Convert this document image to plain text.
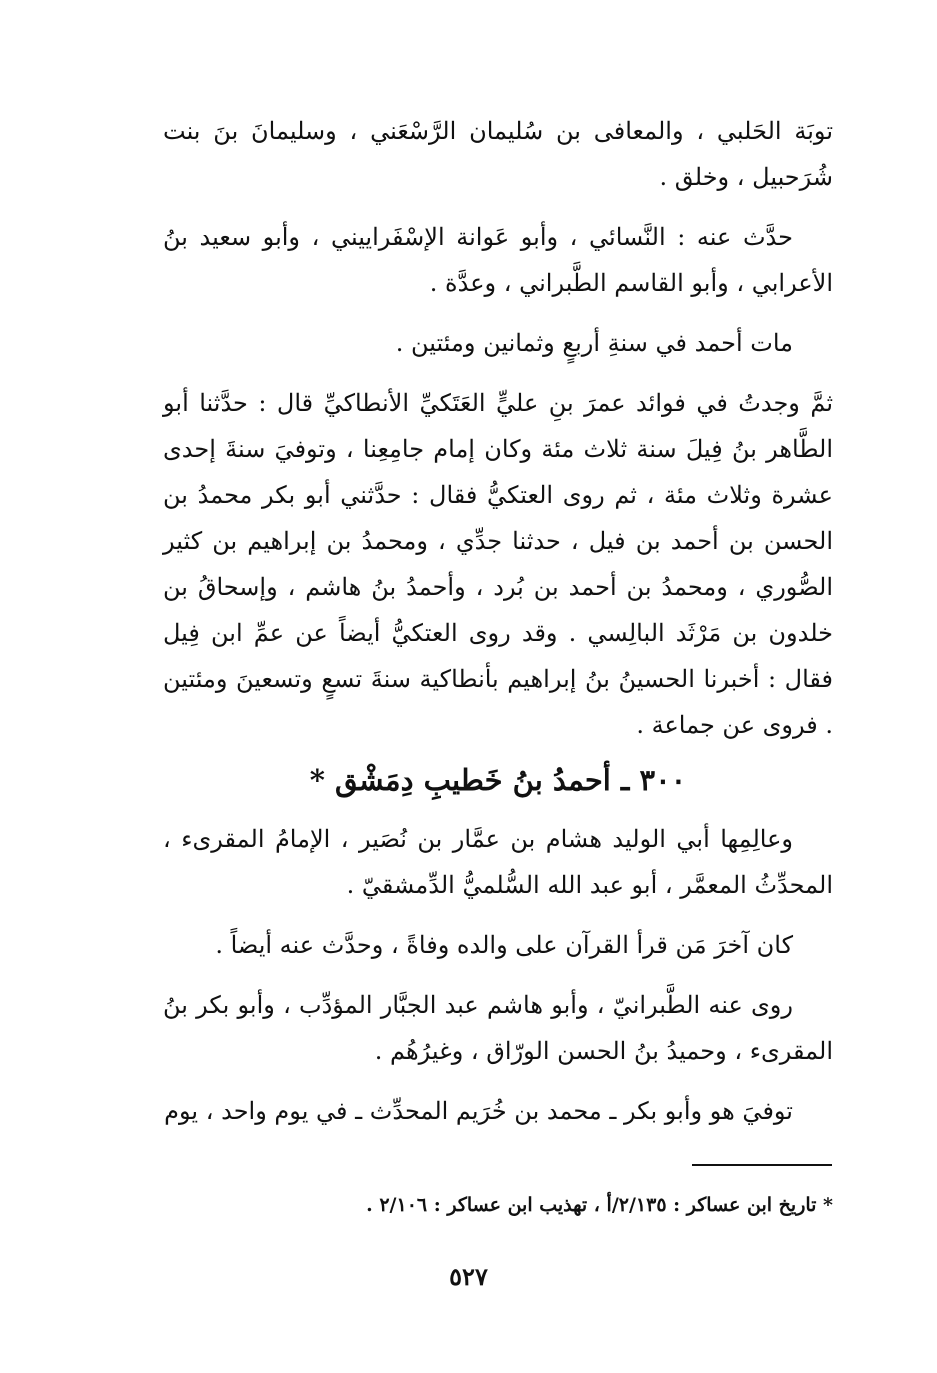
توبَة الحَلبي ، والمعافى بن سُليمان الرَّسْعَني ، وسليمانَ بنَ بنت شُرَحبيل ، وخلق .

حدَّث عنه : النَّسائي ، وأبو عَوانة الإسْفَراييني ، وأبو سعيد بنُ الأعرابي ، وأبو القاسم الطَّبراني ، وعدَّة .

مات أحمد في سنةِ أربعٍ وثمانين ومئتين .

ثمَّ وجدتُ في فوائد عمرَ بنِ عليٍّ العَتَكيِّ الأنطاكيِّ قال : حدَّثنا أبو الطَّاهر بنُ فِيلَ سنة ثلاث مئة وكان إمام جامِعِنا ، وتوفيَ سنةَ إحدى عشرة وثلاث مئة ، ثم روى العتكيُّ فقال : حدَّثني أبو بكر محمدُ بن الحسن بن أحمد بن فيل ، حدثنا جدِّي ، ومحمدُ بن إبراهيم بن كثير الصُّوري ، ومحمدُ بن أحمد بن بُرد ، وأحمدُ بنُ هاشم ، وإسحاقُ بن خلدون بن مَرْثَد البالِسي . وقد روى العتكيُّ أيضاً عن عمِّ ابن فِيل فقال : أخبرنا الحسينُ بنُ إبراهيم بأنطاكية سنةَ تسعٍ وتسعينَ ومئتين . فروى عن جماعة .

٣٠٠ ـ أحمدُ بنُ خَطيبِ دِمَشْق *

وعالِمِها أبي الوليد هشام بن عمَّار بن نُصَير ، الإمامُ المقرىء ، المحدِّثُ المعمَّر ، أبو عبد الله السُّلميُّ الدِّمشقيّ .

كان آخرَ مَن قرأ القرآن على والده وفاةً ، وحدَّث عنه أيضاً .

روى عنه الطَّبرانيّ ، وأبو هاشم عبد الجبَّار المؤدِّب ، وأبو بكر بنُ المقرىء ، وحميدُ بنُ الحسن الورّاق ، وغيرُهُم .

توفيَ هو وأبو بكر ـ محمد بن خُرَيم المحدِّث ـ في يوم واحد ، يوم

* تاريخ ابن عساكر : ٢/١٣٥/أ ، تهذيب ابن عساكر : ٢/١٠٦ .
٥٢٧
